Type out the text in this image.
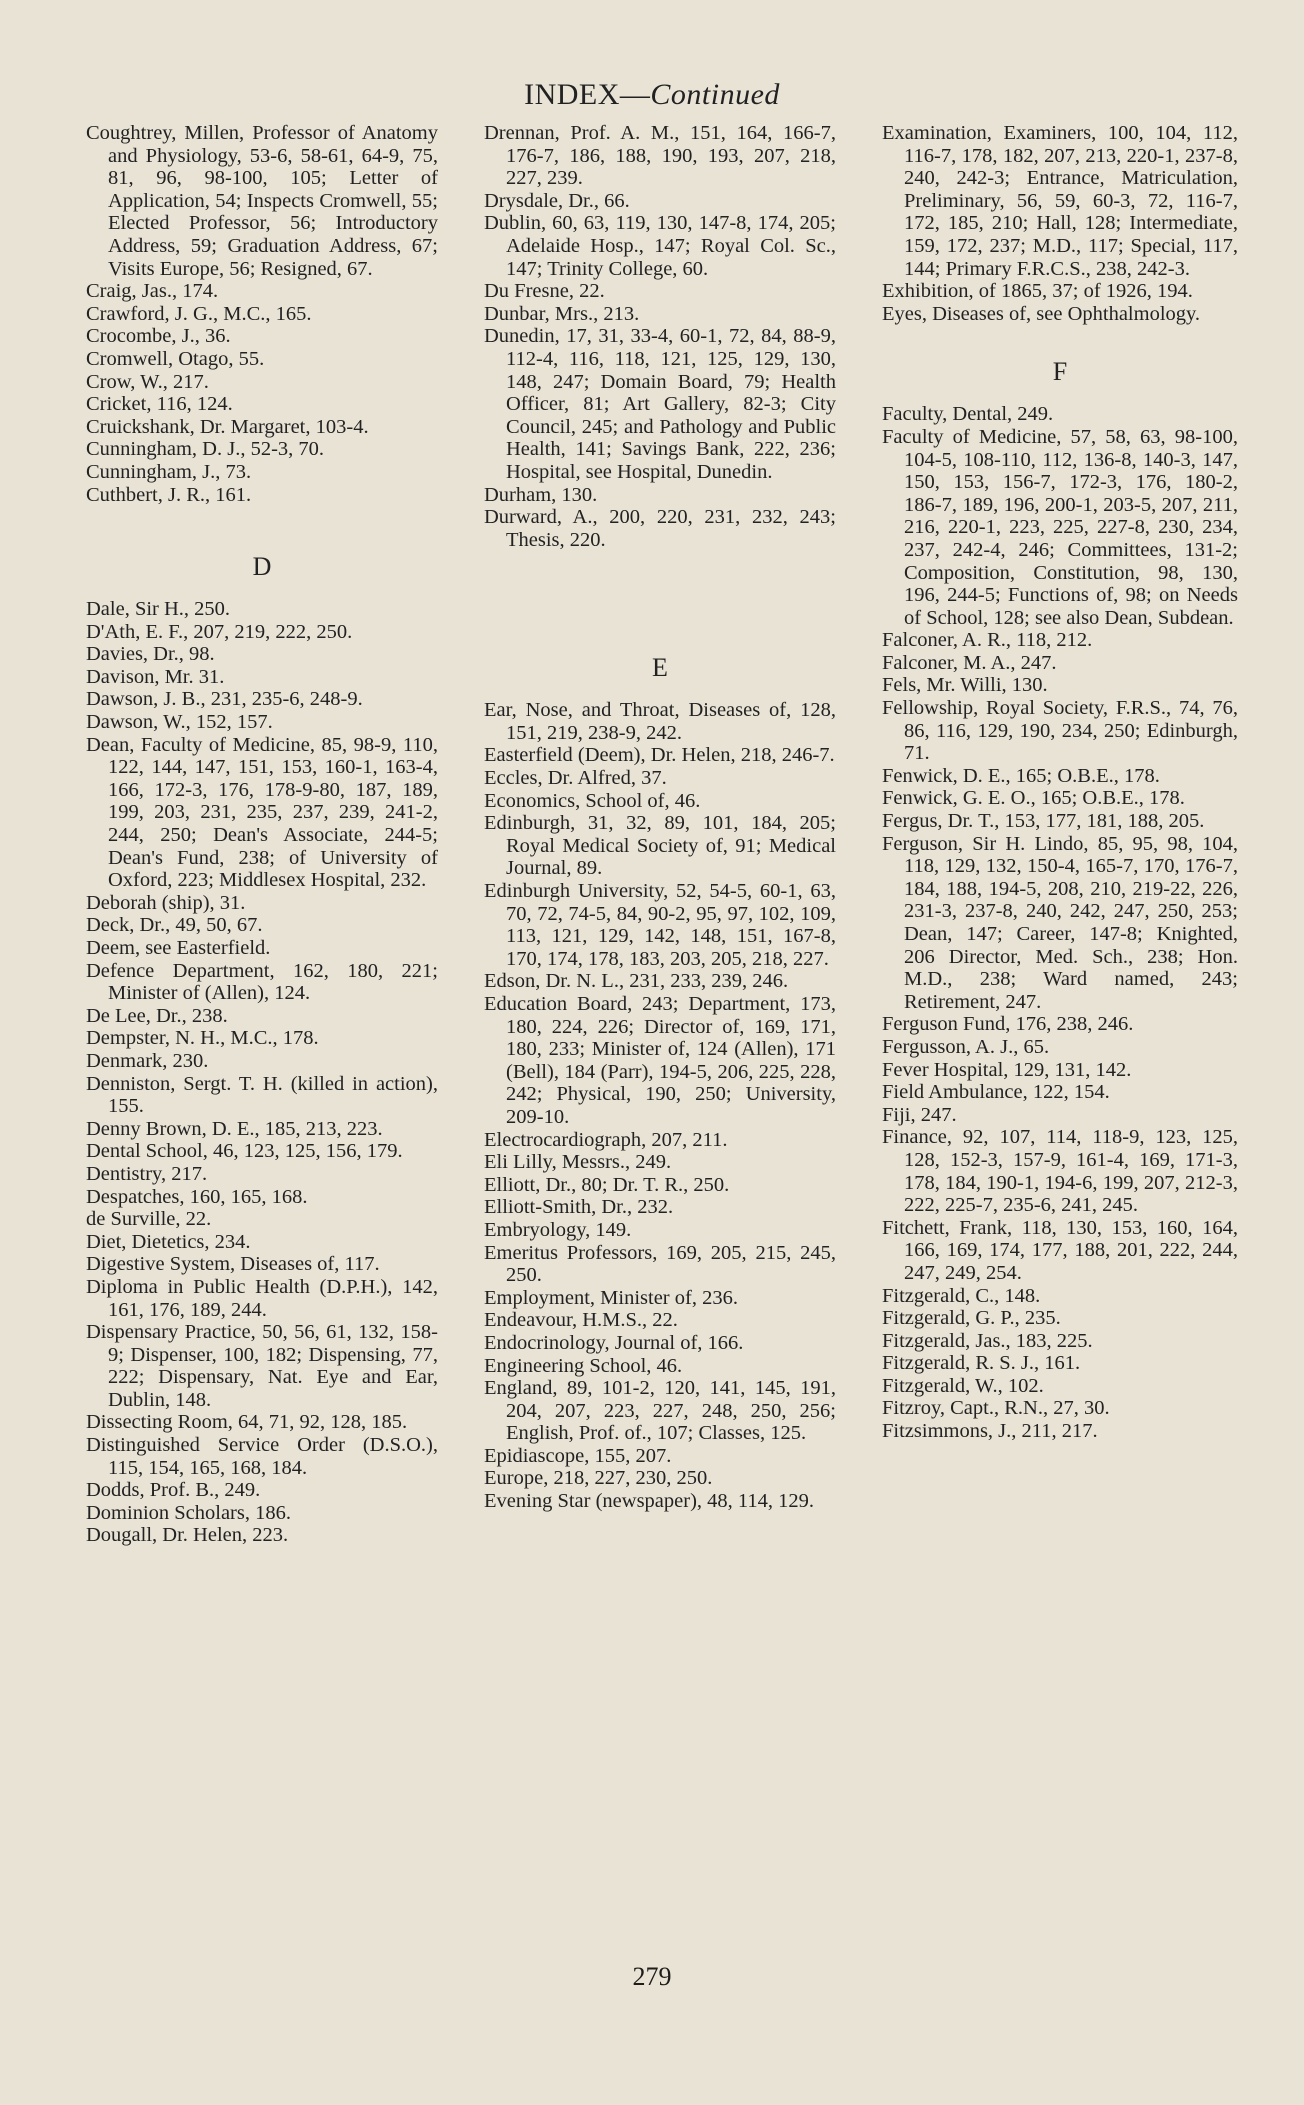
INDEX—Continued
Coughtrey, Millen, Professor of Anatomy and Physiology, 53-6, 58-61, 64-9, 75, 81, 96, 98-100, 105; Letter of Application, 54; Inspects Cromwell, 55; Elected Professor, 56; Introductory Address, 59; Graduation Address, 67; Visits Europe, 56; Resigned, 67.
Craig, Jas., 174.
Crawford, J. G., M.C., 165.
Crocombe, J., 36.
Cromwell, Otago, 55.
Crow, W., 217.
Cricket, 116, 124.
Cruickshank, Dr. Margaret, 103-4.
Cunningham, D. J., 52-3, 70.
Cunningham, J., 73.
Cuthbert, J. R., 161.
D
Dale, Sir H., 250.
D'Ath, E. F., 207, 219, 222, 250.
Davies, Dr., 98.
Davison, Mr. 31.
Dawson, J. B., 231, 235-6, 248-9.
Dawson, W., 152, 157.
Dean, Faculty of Medicine, 85, 98-9, 110, 122, 144, 147, 151, 153, 160-1, 163-4, 166, 172-3, 176, 178-9-80, 187, 189, 199, 203, 231, 235, 237, 239, 241-2, 244, 250; Dean's Associate, 244-5; Dean's Fund, 238; of University of Oxford, 223; Middlesex Hospital, 232.
Deborah (ship), 31.
Deck, Dr., 49, 50, 67.
Deem, see Easterfield.
Defence Department, 162, 180, 221; Minister of (Allen), 124.
De Lee, Dr., 238.
Dempster, N. H., M.C., 178.
Denmark, 230.
Denniston, Sergt. T. H. (killed in action), 155.
Denny Brown, D. E., 185, 213, 223.
Dental School, 46, 123, 125, 156, 179.
Dentistry, 217.
Despatches, 160, 165, 168.
de Surville, 22.
Diet, Dietetics, 234.
Digestive System, Diseases of, 117.
Diploma in Public Health (D.P.H.), 142, 161, 176, 189, 244.
Dispensary Practice, 50, 56, 61, 132, 158-9; Dispenser, 100, 182; Dispensing, 77, 222; Dispensary, Nat. Eye and Ear, Dublin, 148.
Dissecting Room, 64, 71, 92, 128, 185.
Distinguished Service Order (D.S.O.), 115, 154, 165, 168, 184.
Dodds, Prof. B., 249.
Dominion Scholars, 186.
Dougall, Dr. Helen, 223.
Drennan, Prof. A. M., 151, 164, 166-7, 176-7, 186, 188, 190, 193, 207, 218, 227, 239.
Drysdale, Dr., 66.
Dublin, 60, 63, 119, 130, 147-8, 174, 205; Adelaide Hosp., 147; Royal Col. Sc., 147; Trinity College, 60.
Du Fresne, 22.
Dunbar, Mrs., 213.
Dunedin, 17, 31, 33-4, 60-1, 72, 84, 88-9, 112-4, 116, 118, 121, 125, 129, 130, 148, 247; Domain Board, 79; Health Officer, 81; Art Gallery, 82-3; City Council, 245; and Pathology and Public Health, 141; Savings Bank, 222, 236; Hospital, see Hospital, Dunedin.
Durham, 130.
Durward, A., 200, 220, 231, 232, 243; Thesis, 220.
E
Ear, Nose, and Throat, Diseases of, 128, 151, 219, 238-9, 242.
Easterfield (Deem), Dr. Helen, 218, 246-7.
Eccles, Dr. Alfred, 37.
Economics, School of, 46.
Edinburgh, 31, 32, 89, 101, 184, 205; Royal Medical Society of, 91; Medical Journal, 89.
Edinburgh University, 52, 54-5, 60-1, 63, 70, 72, 74-5, 84, 90-2, 95, 97, 102, 109, 113, 121, 129, 142, 148, 151, 167-8, 170, 174, 178, 183, 203, 205, 218, 227.
Edson, Dr. N. L., 231, 233, 239, 246.
Education Board, 243; Department, 173, 180, 224, 226; Director of, 169, 171, 180, 233; Minister of, 124 (Allen), 171 (Bell), 184 (Parr), 194-5, 206, 225, 228, 242; Physical, 190, 250; University, 209-10.
Electrocardiograph, 207, 211.
Eli Lilly, Messrs., 249.
Elliott, Dr., 80; Dr. T. R., 250.
Elliott-Smith, Dr., 232.
Embryology, 149.
Emeritus Professors, 169, 205, 215, 245, 250.
Employment, Minister of, 236.
Endeavour, H.M.S., 22.
Endocrinology, Journal of, 166.
Engineering School, 46.
England, 89, 101-2, 120, 141, 145, 191, 204, 207, 223, 227, 248, 250, 256; English, Prof. of., 107; Classes, 125.
Epidiascope, 155, 207.
Europe, 218, 227, 230, 250.
Evening Star (newspaper), 48, 114, 129.
Examination, Examiners, 100, 104, 112, 116-7, 178, 182, 207, 213, 220-1, 237-8, 240, 242-3; Entrance, Matriculation, Preliminary, 56, 59, 60-3, 72, 116-7, 172, 185, 210; Hall, 128; Intermediate, 159, 172, 237; M.D., 117; Special, 117, 144; Primary F.R.C.S., 238, 242-3.
Exhibition, of 1865, 37; of 1926, 194.
Eyes, Diseases of, see Ophthalmology.
F
Faculty, Dental, 249.
Faculty of Medicine, 57, 58, 63, 98-100, 104-5, 108-110, 112, 136-8, 140-3, 147, 150, 153, 156-7, 172-3, 176, 180-2, 186-7, 189, 196, 200-1, 203-5, 207, 211, 216, 220-1, 223, 225, 227-8, 230, 234, 237, 242-4, 246; Committees, 131-2; Composition, Constitution, 98, 130, 196, 244-5; Functions of, 98; on Needs of School, 128; see also Dean, Subdean.
Falconer, A. R., 118, 212.
Falconer, M. A., 247.
Fels, Mr. Willi, 130.
Fellowship, Royal Society, F.R.S., 74, 76, 86, 116, 129, 190, 234, 250; Edinburgh, 71.
Fenwick, D. E., 165; O.B.E., 178.
Fenwick, G. E. O., 165; O.B.E., 178.
Fergus, Dr. T., 153, 177, 181, 188, 205.
Ferguson, Sir H. Lindo, 85, 95, 98, 104, 118, 129, 132, 150-4, 165-7, 170, 176-7, 184, 188, 194-5, 208, 210, 219-22, 226, 231-3, 237-8, 240, 242, 247, 250, 253; Dean, 147; Career, 147-8; Knighted, 206 Director, Med. Sch., 238; Hon. M.D., 238; Ward named, 243; Retirement, 247.
Ferguson Fund, 176, 238, 246.
Fergusson, A. J., 65.
Fever Hospital, 129, 131, 142.
Field Ambulance, 122, 154.
Fiji, 247.
Finance, 92, 107, 114, 118-9, 123, 125, 128, 152-3, 157-9, 161-4, 169, 171-3, 178, 184, 190-1, 194-6, 199, 207, 212-3, 222, 225-7, 235-6, 241, 245.
Fitchett, Frank, 118, 130, 153, 160, 164, 166, 169, 174, 177, 188, 201, 222, 244, 247, 249, 254.
Fitzgerald, C., 148.
Fitzgerald, G. P., 235.
Fitzgerald, Jas., 183, 225.
Fitzgerald, R. S. J., 161.
Fitzgerald, W., 102.
Fitzroy, Capt., R.N., 27, 30.
Fitzsimmons, J., 211, 217.
279
